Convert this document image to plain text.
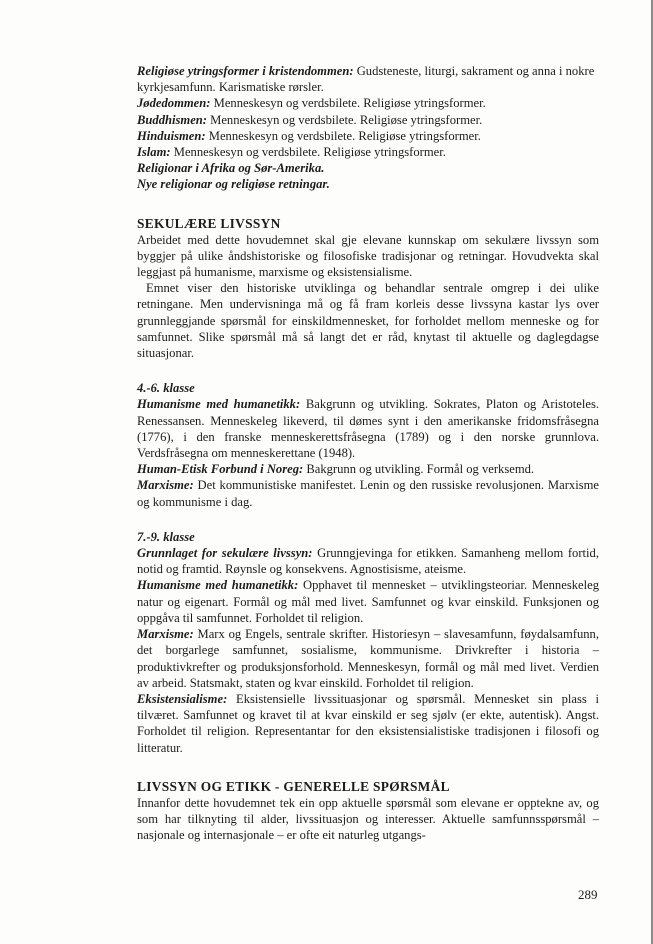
Religiøse ytringsformer i kristendommen: Gudsteneste, liturgi, sakrament og anna i nokre kyrkjesamfunn. Karismatiske rørsler.

Jødedommen: Menneskesyn og verdsbilete. Religiøse ytringsformer.

Buddhismen: Menneskesyn og verdsbilete. Religiøse ytringsformer.

Hinduismen: Menneskesyn og verdsbilete. Religiøse ytringsformer.

Islam: Menneskesyn og verdsbilete. Religiøse ytringsformer.

Religionar i Afrika og Sør-Amerika.

Nye religionar og religiøse retningar.

SEKULÆRE LIVSSYN

Arbeidet med dette hovudemnet skal gje elevane kunnskap om sekulære livssyn som byggjer på ulike åndshistoriske og filosofiske tradisjonar og retningar. Hovudvekta skal leggjast på humanisme, marxisme og eksistensialisme.

Emnet viser den historiske utviklinga og behandlar sentrale omgrep i dei ulike retningane. Men undervisninga må og få fram korleis desse livssyna kastar lys over grunnleggjande spørsmål for einskildmennesket, for forholdet mellom menneske og for samfunnet. Slike spørsmål må så langt det er råd, knytast til aktuelle og daglegdagse situasjonar.

4.-6. klasse

Humanisme med humanetikk: Bakgrunn og utvikling. Sokrates, Platon og Aristoteles. Renessansen. Menneskeleg likeverd, til dømes synt i den amerikanske fridomsfråsegna (1776), i den franske menneskerettsfråsegna (1789) og i den norske grunnlova. Verdsfråsegna om menneskerettane (1948).

Human-Etisk Forbund i Noreg: Bakgrunn og utvikling. Formål og verksemd.

Marxisme: Det kommunistiske manifestet. Lenin og den russiske revolusjonen. Marxisme og kommunisme i dag.

7.-9. klasse

Grunnlaget for sekulære livssyn: Grunngjevinga for etikken. Samanheng mellom fortid, notid og framtid. Røynsle og konsekvens. Agnostisisme, ateisme.

Humanisme med humanetikk: Opphavet til mennesket – utviklingsteoriar. Menneskeleg natur og eigenart. Formål og mål med livet. Samfunnet og kvar einskild. Funksjonen og oppgåva til samfunnet. Forholdet til religion.

Marxisme: Marx og Engels, sentrale skrifter. Historiesyn – slavesamfunn, føydalsamfunn, det borgarlege samfunnet, sosialisme, kommunisme. Drivkrefter i historia – produktivkrefter og produksjonsforhold. Menneskesyn, formål og mål med livet. Verdien av arbeid. Statsmakt, staten og kvar einskild. Forholdet til religion.

Eksistensialisme: Eksistensielle livssituasjonar og spørsmål. Mennesket sin plass i tilværet. Samfunnet og kravet til at kvar einskild er seg sjølv (er ekte, autentisk). Angst. Forholdet til religion. Representantar for den eksistensialistiske tradisjonen i filosofi og litteratur.

LIVSSYN OG ETIKK - GENERELLE SPØRSMÅL

Innanfor dette hovudemnet tek ein opp aktuelle spørsmål som elevane er opptekne av, og som har tilknyting til alder, livssituasjon og interesser. Aktuelle samfunnsspørsmål – nasjonale og internasjonale – er ofte eit naturleg utgangs-

289
